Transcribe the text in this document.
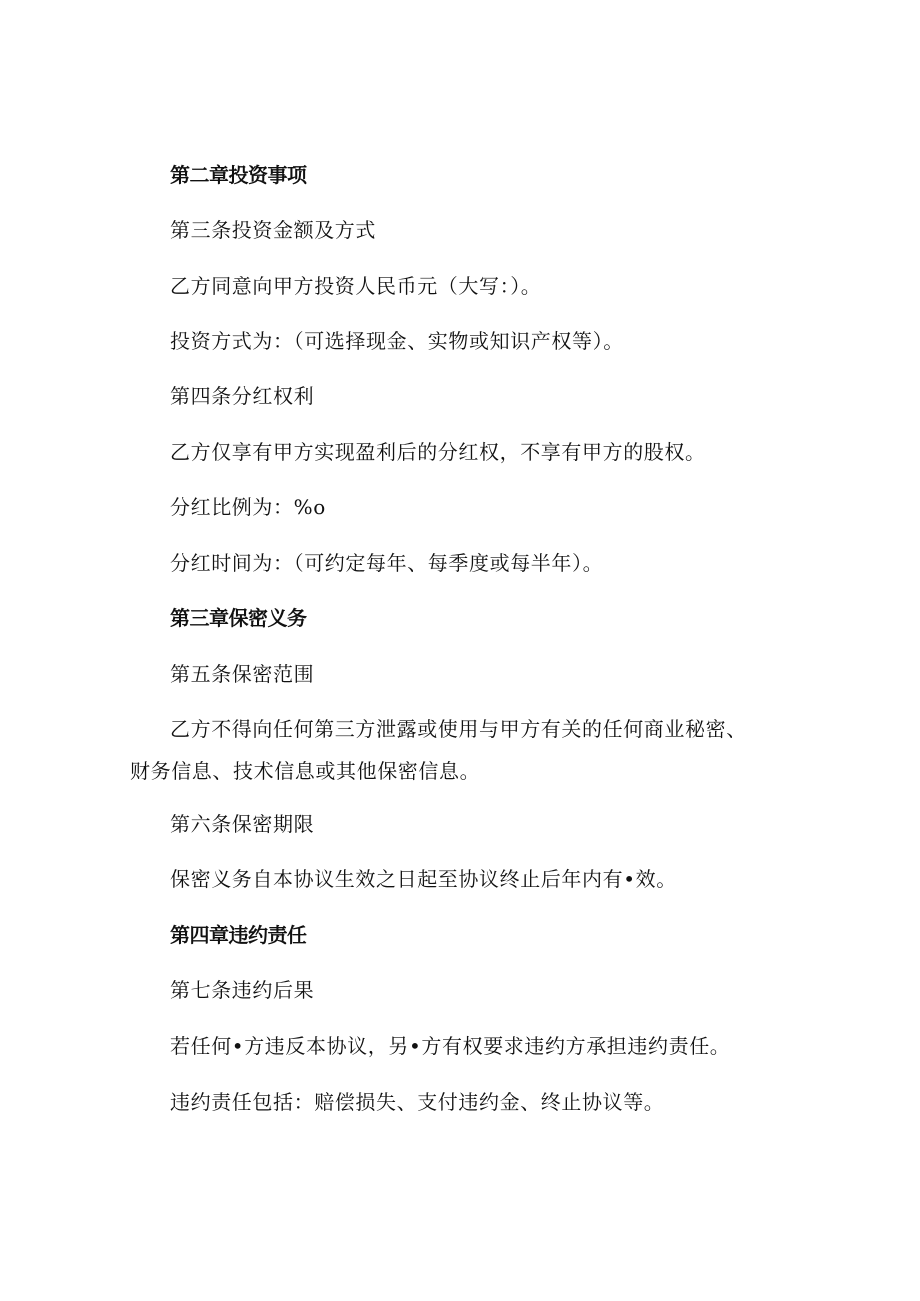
第二章投资事项
第三条投资金额及方式
乙方同意向甲方投资人民币元（大写：）。
投资方式为：（可选择现金、实物或知识产权等）。
第四条分红权利
乙方仅享有甲方实现盈利后的分红权，不享有甲方的股权。
分红比例为：%o
分红时间为：（可约定每年、每季度或每半年）。
第三章保密义务
第五条保密范围
乙方不得向任何第三方泄露或使用与甲方有关的任何商业秘密、财务信息、技术信息或其他保密信息。
第六条保密期限
保密义务自本协议生效之日起至协议终止后年内有•效。
第四章违约责任
第七条违约后果
若任何•方违反本协议，另•方有权要求违约方承担违约责任。
违约责任包括：赔偿损失、支付违约金、终止协议等。
